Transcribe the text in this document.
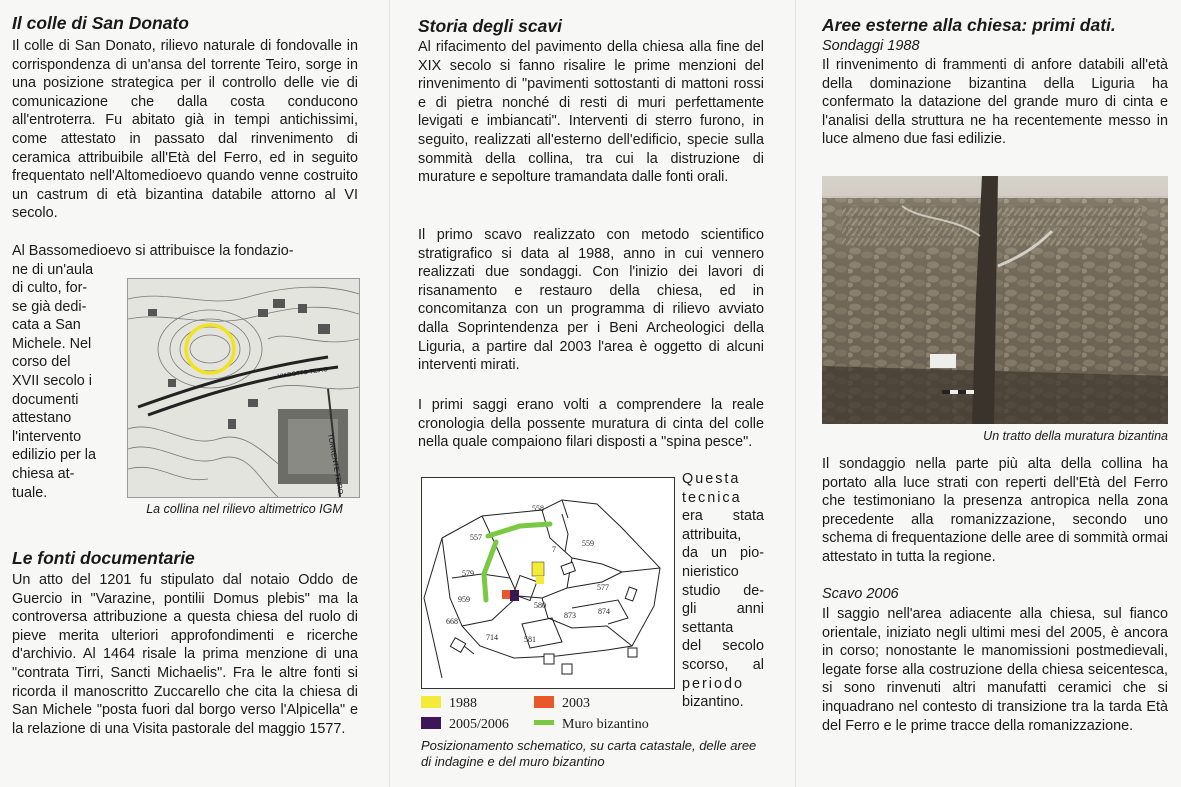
Il colle di San Donato

Il colle di San Donato, rilievo naturale di fondovalle in corrispondenza di un'ansa del torrente Teiro, sorge in una posizione strategica per il controllo delle vie di comunicazione che dalla costa conducono all'entroterra. Fu abitato già in tempi antichissimi, come attestato in passato dal rinvenimento di ceramica attribuibile all'Età del Ferro, ed in seguito frequentato nell'Altomedioevo quando venne costruito un castrum di età bizantina databile attorno al VI secolo.

Al Bassomedioevo si attribuisce la fondazio-
ne di un'aula
di culto, for-
se già dedi-
cata a San
Michele. Nel
corso del
XVII secolo i
documenti
attestano
l'intervento
edilizio per la
chiesa at-
tuale.
VIADOTTO TEIRO
TORRENTE TEIRO
La collina nel rilievo altimetrico IGM
Le fonti documentarie

Un atto del 1201 fu stipulato dal notaio Oddo de Guercio in "Varazine, pontilii Domus plebis" ma la controversa attribuzione a questa chiesa del ruolo di pieve merita ulteriori approfondimenti e ricerche d'archivio. Al 1464 risale la prima menzione di una "contrata Tirri, Sancti Michaelis". Fra le altre fonti si ricorda il manoscritto Zuccarello che cita la chiesa di San Michele "posta fuori dal borgo verso l'Alpicella" e la relazione di una Visita pastorale del maggio 1577.

Storia degli scavi

Al rifacimento del pavimento della chiesa alla fine del XIX secolo si fanno risalire le prime menzioni del rinvenimento di "pavimenti sottostanti di mattoni rossi e di pietra nonché di resti di muri perfettamente levigati e imbiancati". Interventi di sterro furono, in seguito, realizzati all'esterno dell'edificio, specie sulla sommità della collina, tra cui la distruzione di murature e sepolture tramandata dalle fonti orali.

Il primo scavo realizzato con metodo scientifico stratigrafico si data al 1988, anno in cui vennero realizzati due sondaggi. Con l'inizio dei lavori di risanamento e restauro della chiesa, ed in concomitanza con un programma di rilievo avviato dalla Soprintendenza per i Beni Archeologici della Liguria, a partire dal 2003 l'area è oggetto di alcuni interventi mirati.

I primi saggi erano volti a comprendere la reale cronologia della possente muratura di cinta del colle nella quale compaiono filari disposti a "spina pesce".

558
557
559
579
577
959
580
874
873
668
714	581
7
Questa
tecnica
era stata
attribuita,
da un pio-
nieristico
studio de-
gli anni
settanta
del secolo
scorso, al
periodo
bizantino.
1988	2003
2005/2006	Muro bizantino
Posizionamento schematico, su carta catastale, delle aree di indagine e del muro bizantino
Aree esterne alla chiesa: primi dati.
Sondaggi 1988

Il rinvenimento di frammenti di anfore databili all'età della dominazione bizantina della Liguria ha confermato la datazione del grande muro di cinta e l'analisi della struttura ne ha recentemente messo in luce almeno due fasi edilizie.

Un tratto della muratura bizantina

Il sondaggio nella parte più alta della collina ha portato alla luce strati con reperti dell'Età del Ferro che testimoniano la presenza antropica nella zona precedente alla romanizzazione, secondo uno schema di frequentazione delle aree di sommità ormai attestato in tutta la regione.

Scavo 2006

Il saggio nell'area adiacente alla chiesa, sul fianco orientale, iniziato negli ultimi mesi del 2005, è ancora in corso; nonostante le manomissioni postmedievali, legate forse alla costruzione della chiesa seicentesca, si sono rinvenuti altri manufatti ceramici che si inquadrano nel contesto di transizione tra la tarda Età del Ferro e le prime tracce della romanizzazione.
